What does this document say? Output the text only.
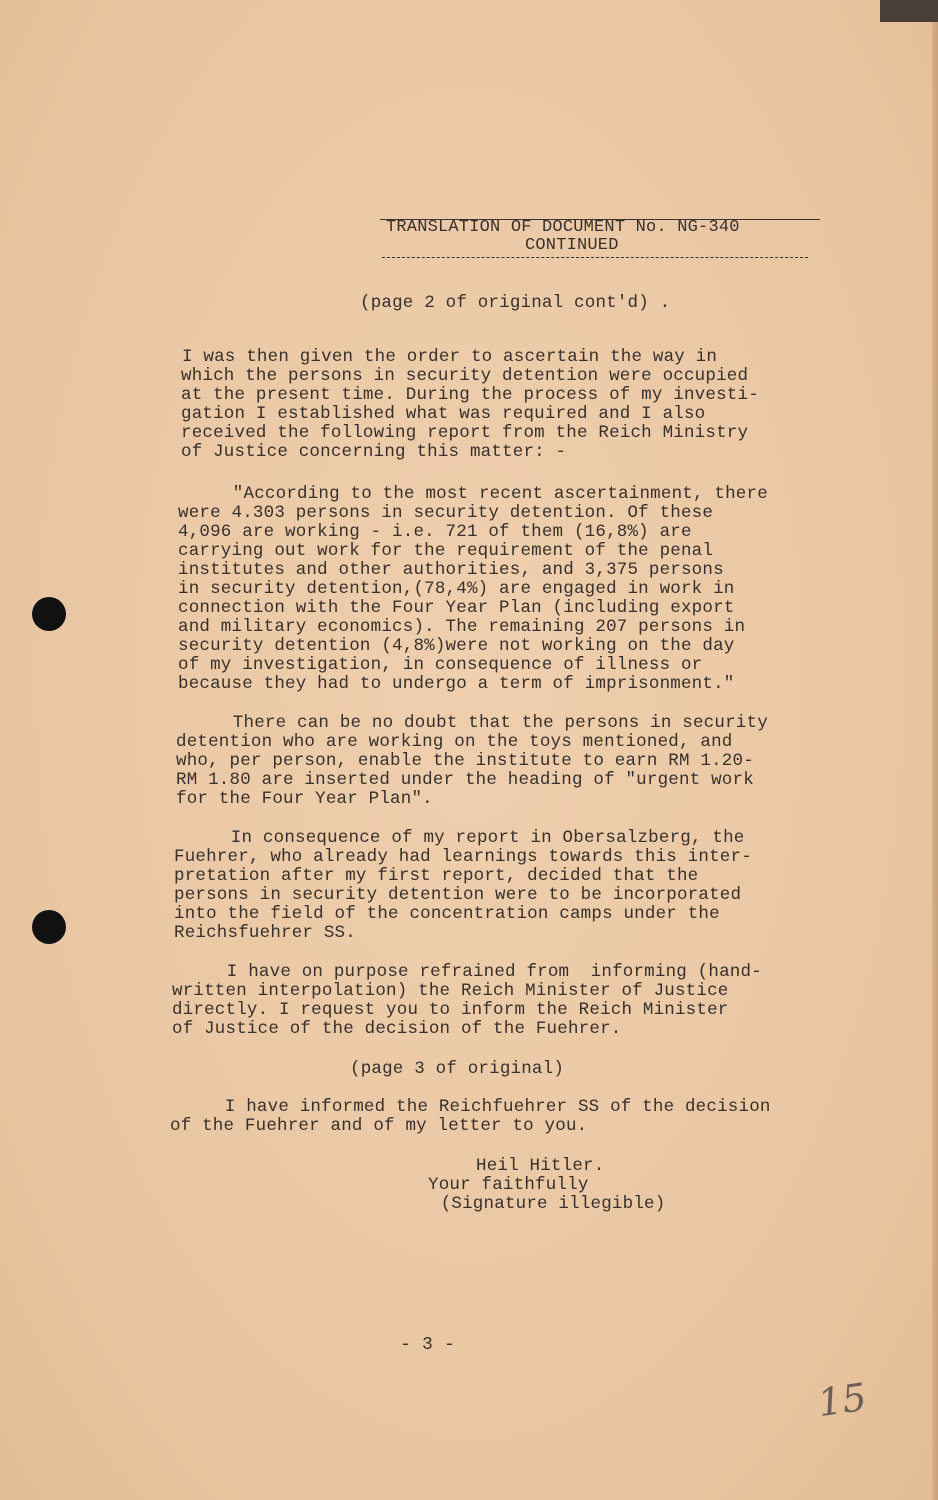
TRANSLATION OF DOCUMENT No. NG-340
CONTINUED
(page 2 of original cont'd) .
I was then given the order to ascertain the way in
which the persons in security detention were occupied
at the present time. During the process of my investi-
gation I established what was required and I also
received the following report from the Reich Ministry
of Justice concerning this matter: -
"According to the most recent ascertainment, there
were 4.303 persons in security detention. Of these
4,096 are working - i.e. 721 of them (16,8%) are
carrying out work for the requirement of the penal
institutes and other authorities, and 3,375 persons
in security detention,(78,4%) are engaged in work in
connection with the Four Year Plan (including export
and military economics). The remaining 207 persons in
security detention (4,8%)were not working on the day
of my investigation, in consequence of illness or
because they had to undergo a term of imprisonment."
There can be no doubt that the persons in security
detention who are working on the toys mentioned, and
who, per person, enable the institute to earn RM 1.20-
RM 1.80 are inserted under the heading of "urgent work
for the Four Year Plan".
In consequence of my report in Obersalzberg, the
Fuehrer, who already had learnings towards this inter-
pretation after my first report, decided that the
persons in security detention were to be incorporated
into the field of the concentration camps under the
Reichsfuehrer SS.
I have on purpose refrained from  informing (hand-
written interpolation) the Reich Minister of Justice
directly. I request you to inform the Reich Minister
of Justice of the decision of the Fuehrer.
(page 3 of original)
I have informed the Reichfuehrer SS of the decision
of the Fuehrer and of my letter to you.
Heil Hitler.
Your faithfully
(Signature illegible)
- 3 -
15
